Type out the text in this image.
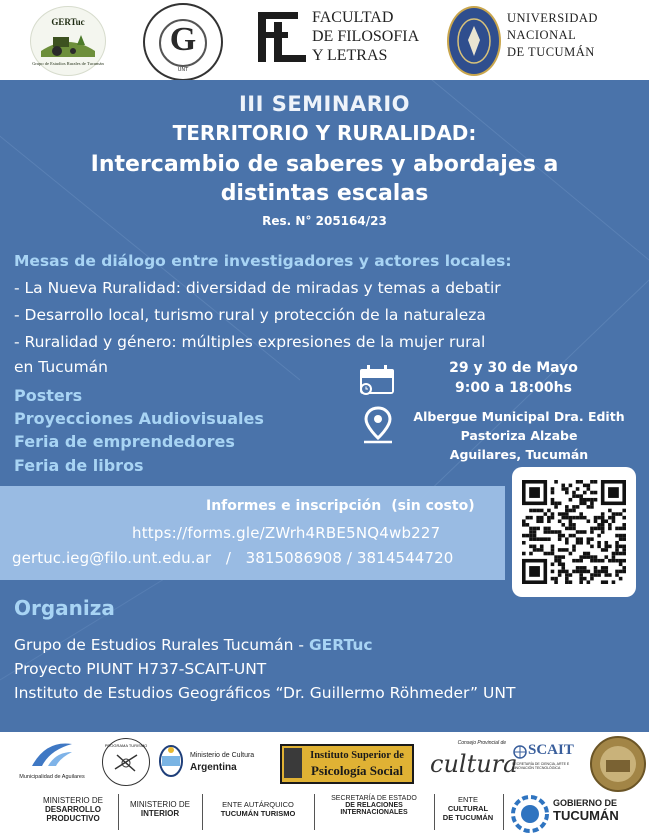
GERTuc
Grupo de Estudios Rurales de Tucumán
G
UNT
FACULTAD
DE FILOSOFIA
Y LETRAS
UNIVERSIDAD
NACIONAL
DE TUCUMÁN
III SEMINARIO
TERRITORIO Y RURALIDAD:
Intercambio de saberes y abordajes a
distintas escalas
Res. N° 205164/23
Mesas de diálogo entre investigadores y actores locales:
- La Nueva Ruralidad: diversidad de miradas y temas a debatir
- Desarrollo local, turismo rural y protección de la naturaleza
- Ruralidad y género: múltiples expresiones de la mujer rural
en Tucumán
Posters
Proyecciones Audiovisuales
Feria de emprendedores
Feria de libros
29 y 30 de Mayo
9:00 a 18:00hs
Albergue Municipal Dra. Edith
Pastoriza Alzabe
Aguilares, Tucumán
Informes e inscripción (sin costo)
https://forms.gle/ZWrh4RBE5NQ4wb227
gertuc.ieg@filo.unt.edu.ar / 3815086908 / 3814544720
Organiza
Grupo de Estudios Rurales Tucumán - GERTuc
Proyecto PIUNT H737-SCAIT-UNT
Instituto de Estudios Geográficos “Dr. Guillermo Röhmeder” UNT
Municipalidad de Aguilares
PROGRAMA TURISMO
Ministerio de Cultura
Argentina
Instituto Superior de
Psicología Social
Consejo Provincial de
cultura SCAIT
SECRETARÍA DE CIENCIA, ARTE E INNOVACIÓN TECNOLÓGICA
MINISTERIO DE
DESARROLLO
PRODUCTIVO
MINISTERIO DE
INTERIOR
ENTE AUTÁRQUICO
TUCUMÁN TURISMO
SECRETARÍA DE ESTADO
DE RELACIONES
INTERNACIONALES
ENTE
CULTURAL
DE TUCUMÁN
GOBIERNO DE
TUCUMÁN
